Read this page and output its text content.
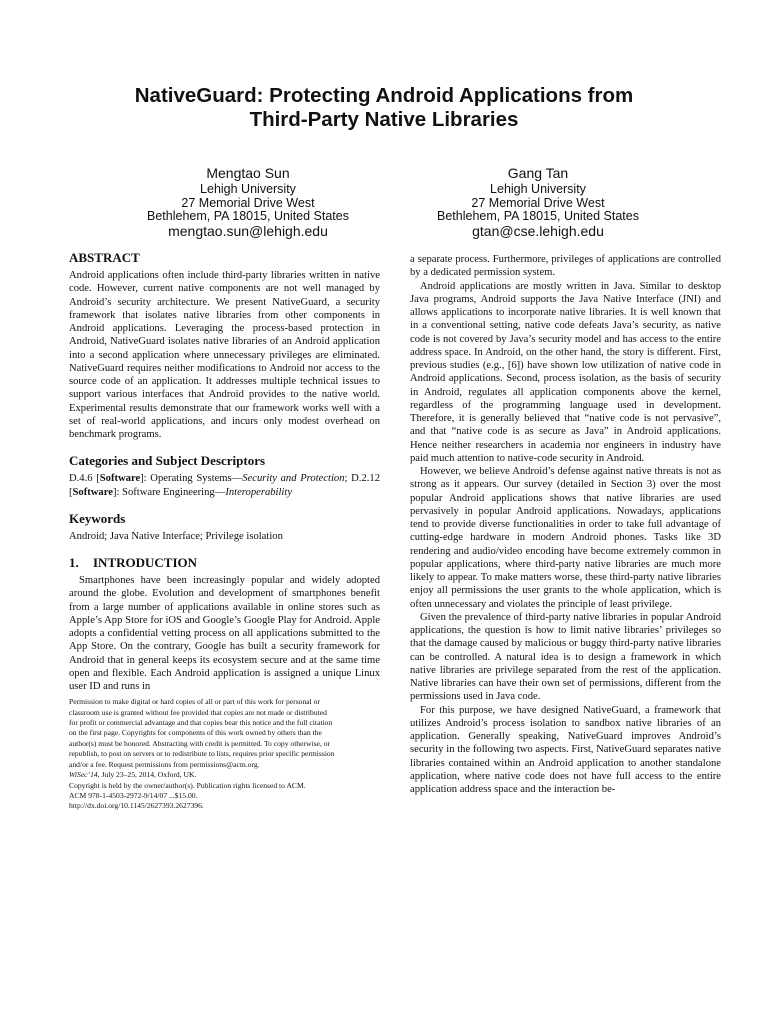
NativeGuard: Protecting Android Applications from
Third-Party Native Libraries
Mengtao Sun
Lehigh University
27 Memorial Drive West
Bethlehem, PA 18015, United States
mengtao.sun@lehigh.edu
Gang Tan
Lehigh University
27 Memorial Drive West
Bethlehem, PA 18015, United States
gtan@cse.lehigh.edu
ABSTRACT

Android applications often include third-party libraries written in native code. However, current native components are not well managed by Android’s security architecture. We present NativeGuard, a security framework that isolates native libraries from other components in Android applications. Leveraging the process-based protection in Android, NativeGuard isolates native libraries of an Android application into a second application where unnecessary privileges are eliminated. NativeGuard requires neither modifications to Android nor access to the source code of an application. It addresses multiple technical issues to support various interfaces that Android provides to the native world. Experimental results demonstrate that our framework works well with a set of real-world applications, and incurs only modest overhead on benchmark programs.

Categories and Subject Descriptors

D.4.6 [Software]: Operating Systems—Security and Protection; D.2.12 [Software]: Software Engineering—Interoperability

Keywords

Android; Java Native Interface; Privilege isolation

1. INTRODUCTION

Smartphones have been increasingly popular and widely adopted around the globe. Evolution and development of smartphones benefit from a large number of applications available in online stores such as Apple’s App Store for iOS and Google’s Google Play for Android. Apple adopts a confidential vetting process on all applications submitted to the App Store. On the contrary, Google has built a security framework for Android that in general keeps its ecosystem secure and at the same time open and flexible. Each Android application is assigned a unique Linux user ID and runs in

Permission to make digital or hard copies of all or part of this work for personal or
classroom use is granted without fee provided that copies are not made or distributed
for profit or commercial advantage and that copies bear this notice and the full citation
on the first page. Copyrights for components of this work owned by others than the
author(s) must be honored. Abstracting with credit is permitted. To copy otherwise, or
republish, to post on servers or to redistribute to lists, requires prior specific permission
and/or a fee. Request permissions from permissions@acm.org.
WiSec’14, July 23–25, 2014, Oxford, UK.
Copyright is held by the owner/author(s). Publication rights licensed to ACM.
ACM 978-1-4503-2972-9/14/07 ...$15.00.
http://dx.doi.org/10.1145/2627393.2627396.

a separate process. Furthermore, privileges of applications are controlled by a dedicated permission system.

Android applications are mostly written in Java. Similar to desktop Java programs, Android supports the Java Native Interface (JNI) and allows applications to incorporate native libraries. It is well known that in a conventional setting, native code defeats Java’s security, as native code is not covered by Java’s security model and has access to the entire address space. In Android, on the other hand, the story is different. First, previous studies (e.g., [6]) have shown low utilization of native code in Android applications. Second, process isolation, as the basis of security in Android, regulates all application components above the kernel, regardless of the programming language used in development. Therefore, it is generally believed that “native code is not pervasive”, and that “native code is as secure as Java” in Android applications. Hence neither researchers in academia nor engineers in industry have paid much attention to native-code security in Android.

However, we believe Android’s defense against native threats is not as strong as it appears. Our survey (detailed in Section 3) over the most popular Android applications shows that native libraries are used pervasively in popular Android applications. Nowadays, applications tend to provide diverse functionalities in order to take full advantage of cutting-edge hardware in modern Android phones. Tasks like 3D rendering and audio/video encoding have become extremely common in popular applications, where third-party native libraries are much more likely to appear. To make matters worse, these third-party native libraries enjoy all permissions the user grants to the whole application, which is often unnecessary and violates the principle of least privilege.

Given the prevalence of third-party native libraries in popular Android applications, the question is how to limit native libraries’ privileges so that the damage caused by malicious or buggy third-party native libraries can be controlled. A natural idea is to design a framework in which native libraries are privilege separated from the rest of the application. Native libraries can have their own set of permissions, different from the permissions used in Java code.

For this purpose, we have designed NativeGuard, a framework that utilizes Android’s process isolation to sandbox native libraries of an application. Generally speaking, NativeGuard improves Android’s security in the following two aspects. First, NativeGuard separates native libraries contained within an Android application to another standalone application, where native code does not have full access to the entire application address space and the interaction be-
